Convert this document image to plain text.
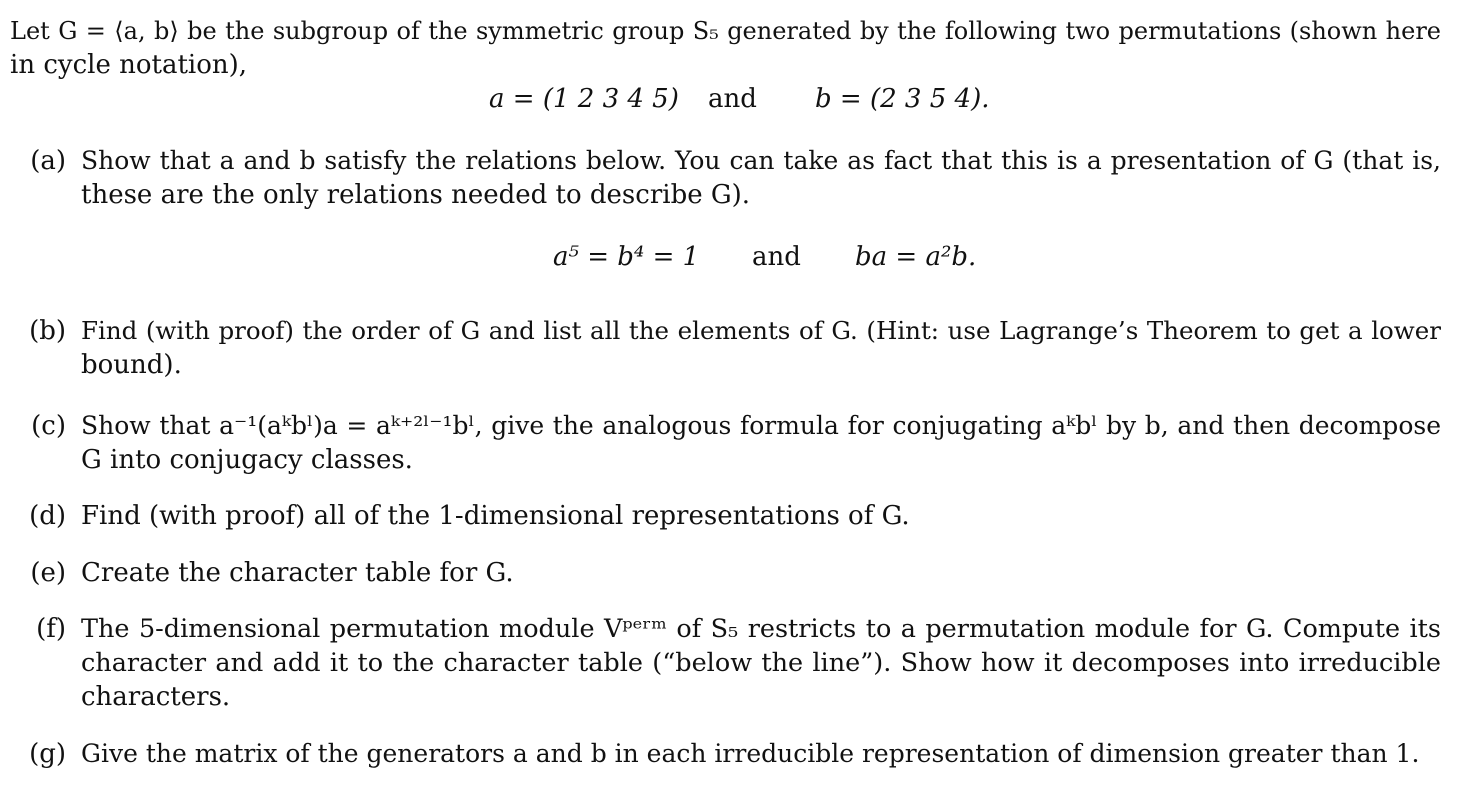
Let G = ⟨a, b⟩ be the subgroup of the symmetric group S₅ generated by the following two permutations (shown here
in cycle notation),
a = (1 2 3 4 5) and b = (2 3 5 4).
(a) Show that a and b satisfy the relations below. You can take as fact that this is a presentation of G (that is,
these are the only relations needed to describe G).
a⁵ = b⁴ = 1 and ba = a²b.
(b) Find (with proof) the order of G and list all the elements of G. (Hint: use Lagrange’s Theorem to get a lower
bound).
(c) Show that a⁻¹(aᵏbˡ)a = aᵏ⁺²ˡ⁻¹bˡ, give the analogous formula for conjugating aᵏbˡ by b, and then decompose
G into conjugacy classes.
(d) Find (with proof) all of the 1-dimensional representations of G.
(e) Create the character table for G.
(f) The 5-dimensional permutation module Vᵖᵉʳᵐ of S₅ restricts to a permutation module for G. Compute its
character and add it to the character table (“below the line”). Show how it decomposes into irreducible
characters.
(g) Give the matrix of the generators a and b in each irreducible representation of dimension greater than 1.
